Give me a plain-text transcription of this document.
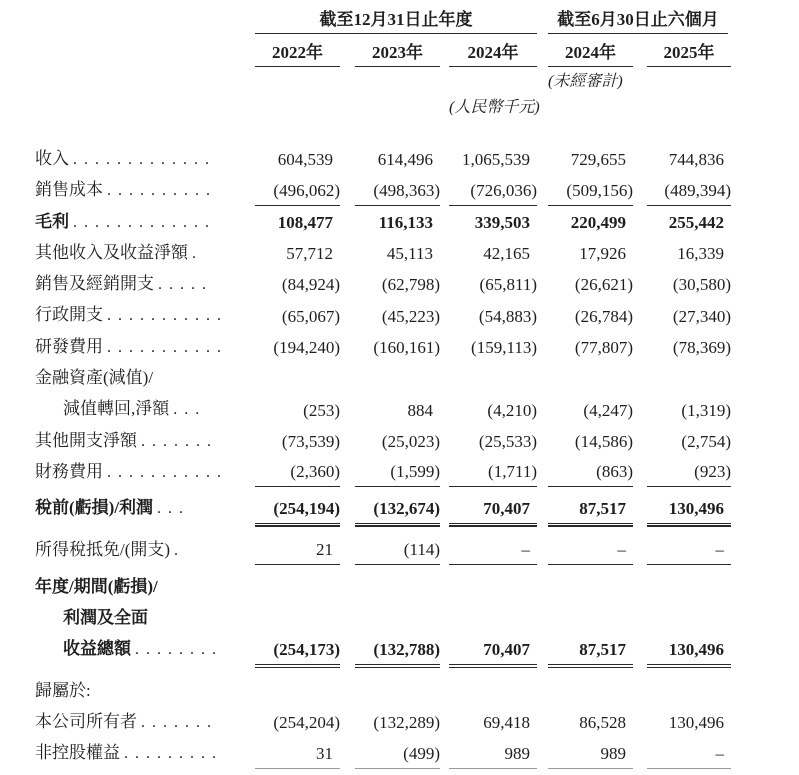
截至12月31日止年度	截至6月30日止六個月
2022年	2023年	2024年	2024年	2025年
(未經審計)
(人民幣千元)
收入 . . . . . . . . . . . . .	604,539	614,496	1,065,539	729,655	744,836
銷售成本 . . . . . . . . . .	(496,062)	(498,363)	(726,036)	(509,156)	(489,394)
毛利 . . . . . . . . . . . . .	108,477	116,133	339,503	220,499	255,442
其他收入及收益淨額 .	57,712	45,113	42,165	17,926	16,339
銷售及經銷開支 . . . . .	(84,924)	(62,798)	(65,811)	(26,621)	(30,580)
行政開支 . . . . . . . . . . .	(65,067)	(45,223)	(54,883)	(26,784)	(27,340)
研發費用 . . . . . . . . . . .	(194,240)	(160,161)	(159,113)	(77,807)	(78,369)
金融資產(減值)/
減值轉回,淨額 . . .	(253)	884	(4,210)	(4,247)	(1,319)
其他開支淨額 . . . . . . .	(73,539)	(25,023)	(25,533)	(14,586)	(2,754)
財務費用 . . . . . . . . . . .	(2,360)	(1,599)	(1,711)	(863)	(923)
稅前(虧損)/利潤 . . .	(254,194)	(132,674)	70,407	87,517	130,496
所得稅抵免/(開支) .	21	(114)	–	–	–
年度/期間(虧損)/
利潤及全面
收益總額 . . . . . . . .	(254,173)	(132,788)	70,407	87,517	130,496
歸屬於:
本公司所有者 . . . . . . .	(254,204)	(132,289)	69,418	86,528	130,496
非控股權益 . . . . . . . . .	31	(499)	989	989	–
